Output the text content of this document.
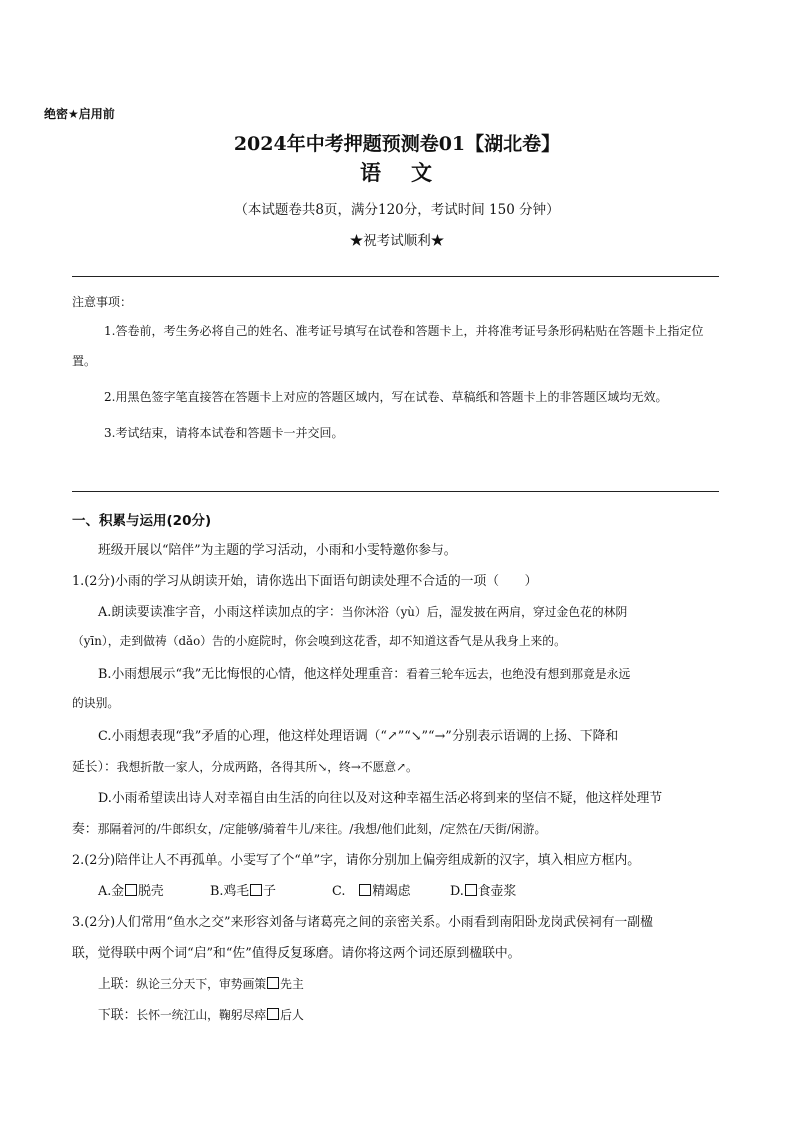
绝密★启用前
2024年中考押题预测卷01【湖北卷】
语 文
（本试题卷共8页，满分120分，考试时间 150 分钟）
★祝考试顺利★
注意事项：

1.答卷前，考生务必将自己的姓名、准考证号填写在试卷和答题卡上，并将准考证号条形码粘贴在答题卡上指定位置。

2.用黑色签字笔直接答在答题卡上对应的答题区域内，写在试卷、草稿纸和答题卡上的非答题区域均无效。

3.考试结束，请将本试卷和答题卡一并交回。

一、积累与运用(20分)
班级开展以“陪伴”为主题的学习活动，小雨和小雯特邀你参与。
1.(2分)小雨的学习从朗读开始，请你选出下面语句朗读处理不合适的一项（　　）
A.朗读要读准字音，小雨这样读加点的字：当你沐浴（yù）后，湿发披在两肩，穿过金色花的林阴
（yīn），走到做祷（dǎo）告的小庭院时，你会嗅到这花香，却不知道这香气是从我身上来的。
B.小雨想展示“我”无比悔恨的心情，他这样处理重音：看着三轮车远去，也绝没有想到那竟是永远
的诀别。
C.小雨想表现“我”矛盾的心理，他这样处理语调（“↗”“↘”“→”分别表示语调的上扬、下降和
延长）：我想折散一家人，分成两路，各得其所↘，终→不愿意↗。
D.小雨希望读出诗人对幸福自由生活的向往以及对这种幸福生活必将到来的坚信不疑，他这样处理节
奏：那隔着河的/牛郎织女，/定能够/骑着牛儿/来往。/我想/他们此刻，/定然在/天街/闲游。
2.(2分)陪伴让人不再孤单。小雯写了个“单”字，请你分别加上偏旁组成新的汉字，填入相应方框内。
A.金 脱壳	B.鸡毛 子	C.　精竭虑	D. 食壶浆
3.(2分)人们常用“鱼水之交”来形容刘备与诸葛亮之间的亲密关系。小雨看到南阳卧龙岗武侯祠有一副楹
联，觉得联中两个词“启”和“佐”值得反复琢磨。请你将这两个词还原到楹联中。
上联：纵论三分天下，审势画策 先主
下联：长怀一统江山，鞠躬尽瘁 后人
